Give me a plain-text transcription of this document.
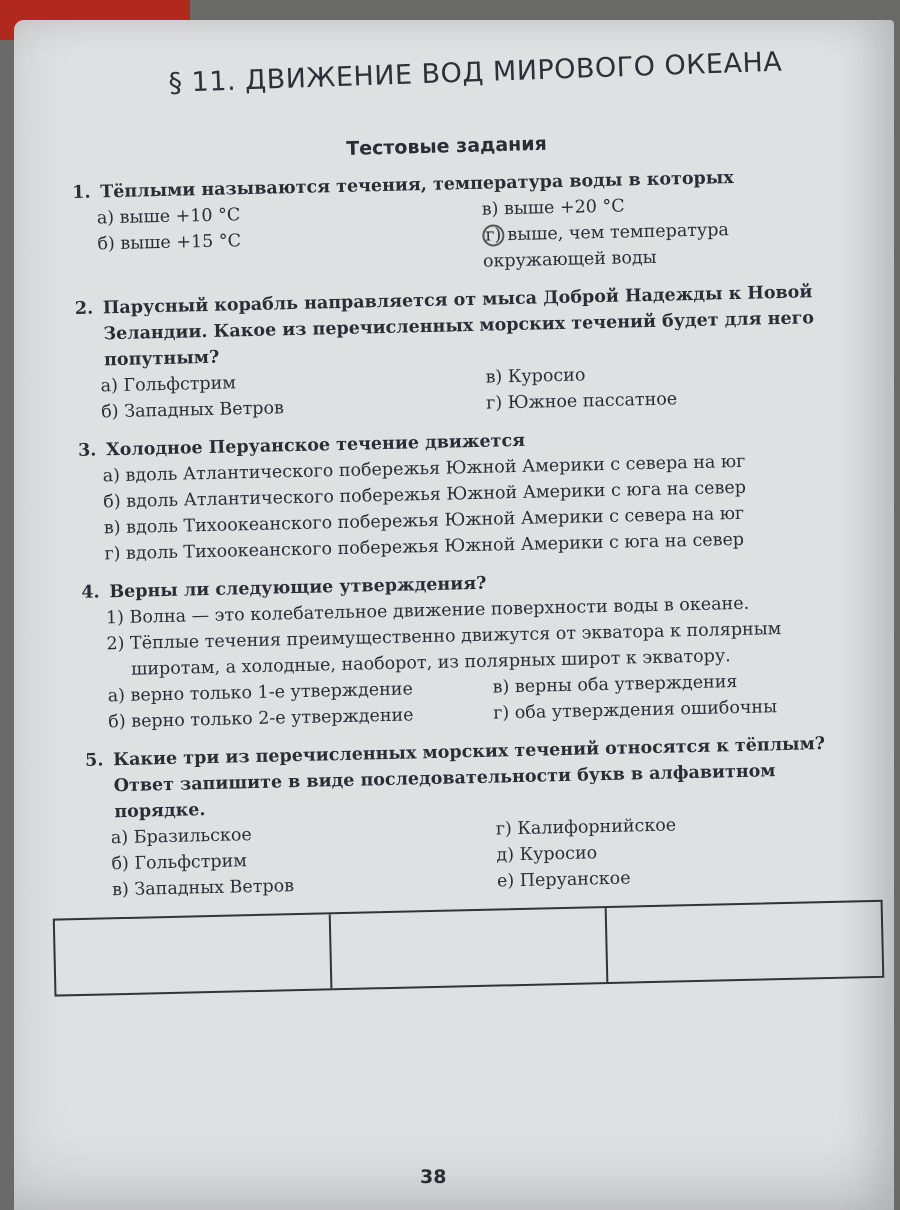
§ 11. ДВИЖЕНИЕ ВОД МИРОВОГО ОКЕАНА
Тестовые задания
1. Тёплыми называются течения, температура воды в которых
а) выше +10 °С
б) выше +15 °С
в) выше +20 °С
г) выше, чем температура окружающей воды
2. Парусный корабль направляется от мыса Доброй Надежды к Новой Зеландии. Какое из перечисленных морских течений будет для него попутным?
а) Гольфстрим
б) Западных Ветров
в) Куросио
г) Южное пассатное
3. Холодное Перуанское течение движется
а) вдоль Атлантического побережья Южной Америки с севера на юг
б) вдоль Атлантического побережья Южной Америки с юга на север
в) вдоль Тихоокеанского побережья Южной Америки с севера на юг
г) вдоль Тихоокеанского побережья Южной Америки с юга на север
4. Верны ли следующие утверждения?
1) Волна — это колебательное движение поверхности воды в океане.
2) Тёплые течения преимущественно движутся от экватора к полярным широтам, а холодные, наоборот, из полярных широт к экватору.
а) верно только 1-е утверждение
б) верно только 2-е утверждение
в) верны оба утверждения
г) оба утверждения ошибочны
5. Какие три из перечисленных морских течений относятся к тёплым? Ответ запишите в виде последовательности букв в алфавитном порядке.
а) Бразильское
б) Гольфстрим
в) Западных Ветров
г) Калифорнийское
д) Куросио
е) Перуанское
38
